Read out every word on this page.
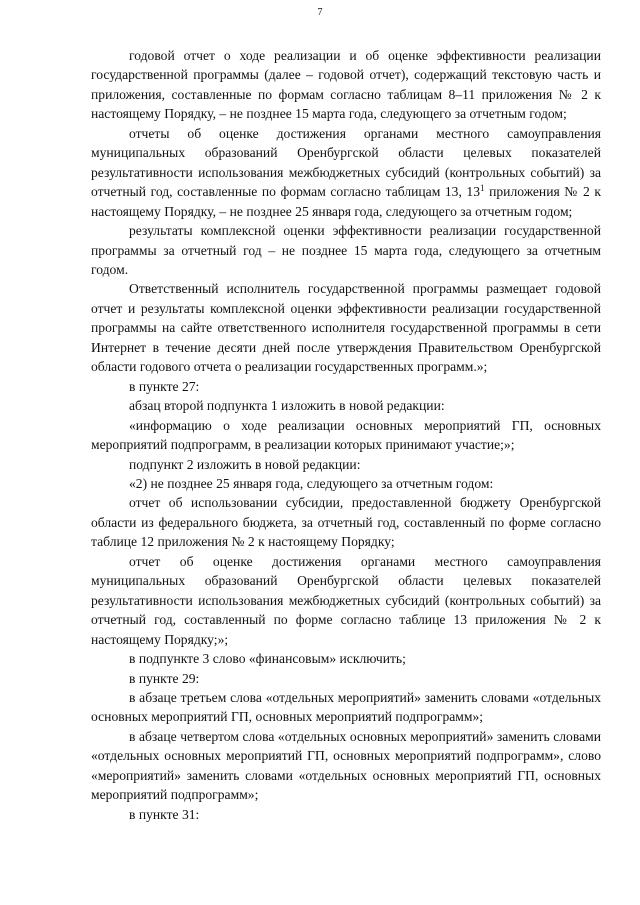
7

годовой отчет о ходе реализации и об оценке эффективности реализации государственной программы (далее – годовой отчет), содержащий текстовую часть и приложения, составленные по формам согласно таблицам 8–11 приложения № 2 к настоящему Порядку, – не позднее 15 марта года, следующего за отчетным годом;

отчеты об оценке достижения органами местного самоуправления муниципальных образований Оренбургской области целевых показателей результативности использования межбюджетных субсидий (контрольных событий) за отчетный год, составленные по формам согласно таблицам 13, $13^1$ приложения № 2 к настоящему Порядку, – не позднее 25 января года, следующего за отчетным годом;

результаты комплексной оценки эффективности реализации государственной программы за отчетный год – не позднее 15 марта года, следующего за отчетным годом.

Ответственный исполнитель государственной программы размещает годовой отчет и результаты комплексной оценки эффективности реализации государственной программы на сайте ответственного исполнителя государственной программы в сети Интернет в течение десяти дней после утверждения Правительством Оренбургской области годового отчета о реализации государственных программ.»;

в пункте 27:

абзац второй подпункта 1 изложить в новой редакции:

«информацию о ходе реализации основных мероприятий ГП, основных мероприятий подпрограмм, в реализации которых принимают участие;»;

подпункт 2 изложить в новой редакции:

«2) не позднее 25 января года, следующего за отчетным годом:

отчет об использовании субсидии, предоставленной бюджету Оренбургской области из федерального бюджета, за отчетный год, составленный по форме согласно таблице 12 приложения № 2 к настоящему Порядку;

отчет об оценке достижения органами местного самоуправления муниципальных образований Оренбургской области целевых показателей результативности использования межбюджетных субсидий (контрольных событий) за отчетный год, составленный по форме согласно таблице 13 приложения № 2 к настоящему Порядку;»;

в подпункте 3 слово «финансовым» исключить;

в пункте 29:

в абзаце третьем слова «отдельных мероприятий» заменить словами «отдельных основных мероприятий ГП, основных мероприятий подпрограмм»;

в абзаце четвертом слова «отдельных основных мероприятий» заменить словами «отдельных основных мероприятий ГП, основных мероприятий подпрограмм», слово «мероприятий» заменить словами «отдельных основных мероприятий ГП, основных мероприятий подпрограмм»;

в пункте 31:
